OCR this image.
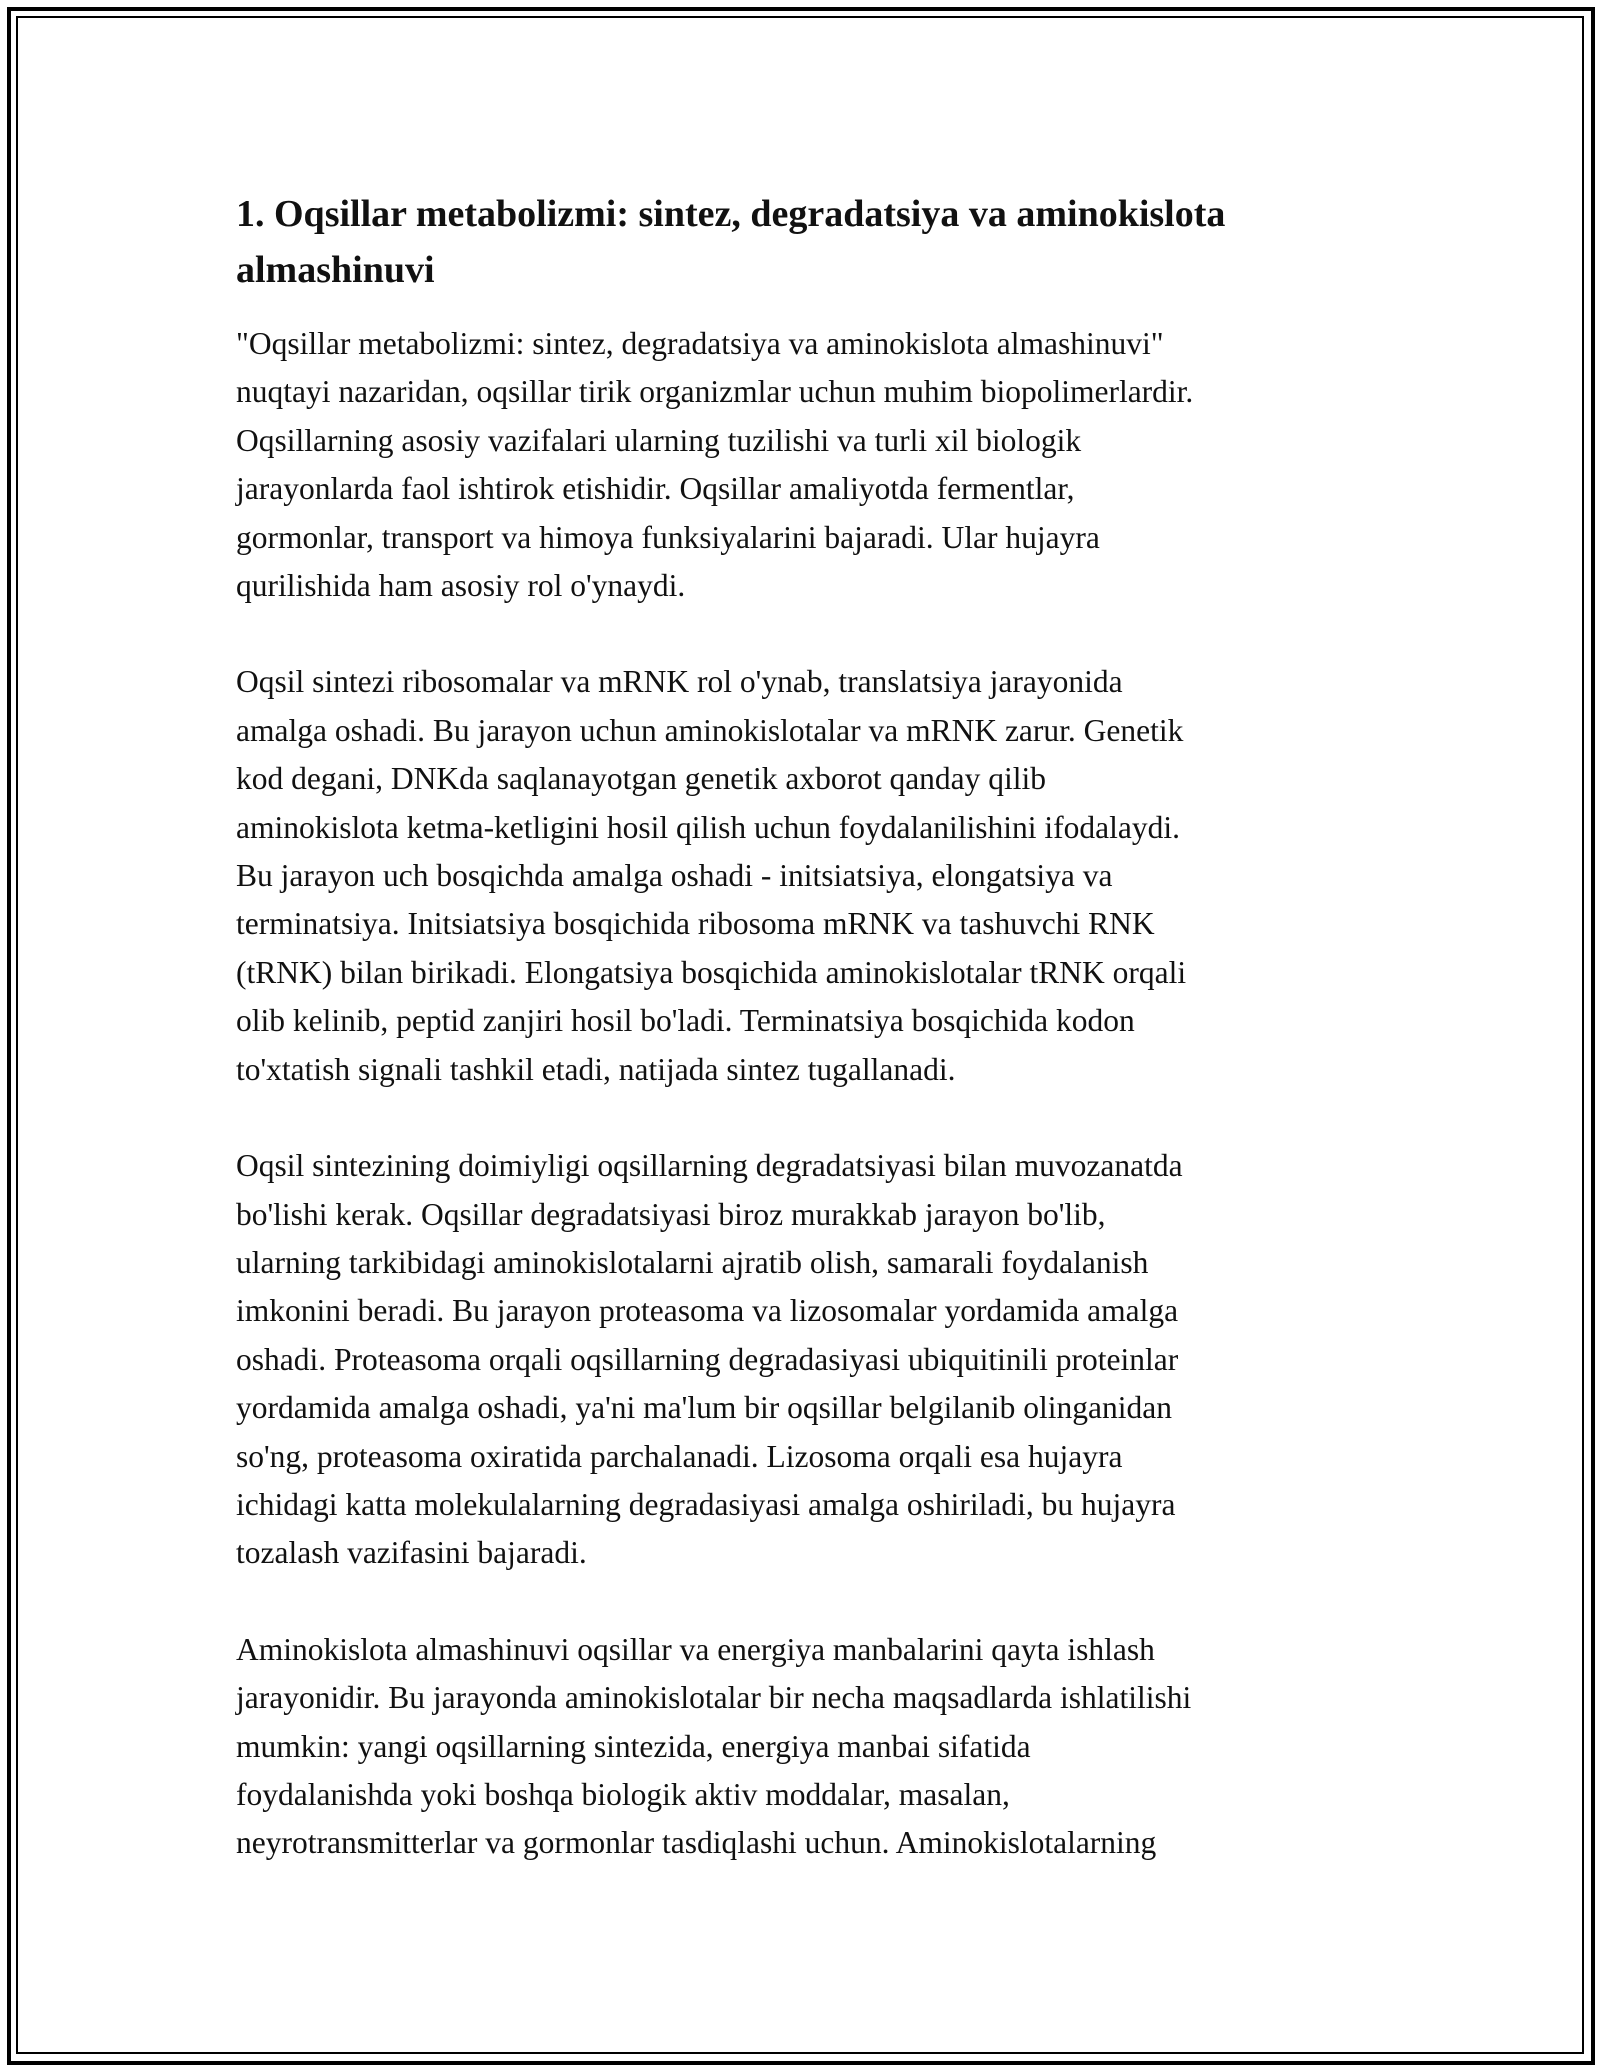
1. Oqsillar metabolizmi: sintez, degradatsiya va aminokislota
almashinuvi
"Oqsillar metabolizmi: sintez, degradatsiya va aminokislota almashinuvi"
nuqtayi nazaridan, oqsillar tirik organizmlar uchun muhim biopolimerlardir.
Oqsillarning asosiy vazifalari ularning tuzilishi va turli xil biologik
jarayonlarda faol ishtirok etishidir. Oqsillar amaliyotda fermentlar,
gormonlar, transport va himoya funksiyalarini bajaradi. Ular hujayra
qurilishida ham asosiy rol o'ynaydi.
Oqsil sintezi ribosomalar va mRNK rol o'ynab, translatsiya jarayonida
amalga oshadi. Bu jarayon uchun aminokislotalar va mRNK zarur. Genetik
kod degani, DNKda saqlanayotgan genetik axborot qanday qilib
aminokislota ketma-ketligini hosil qilish uchun foydalanilishini ifodalaydi.
Bu jarayon uch bosqichda amalga oshadi - initsiatsiya, elongatsiya va
terminatsiya. Initsiatsiya bosqichida ribosoma mRNK va tashuvchi RNK
(tRNK) bilan birikadi. Elongatsiya bosqichida aminokislotalar tRNK orqali
olib kelinib, peptid zanjiri hosil bo'ladi. Terminatsiya bosqichida kodon
to'xtatish signali tashkil etadi, natijada sintez tugallanadi.
Oqsil sintezining doimiyligi oqsillarning degradatsiyasi bilan muvozanatda
bo'lishi kerak. Oqsillar degradatsiyasi biroz murakkab jarayon bo'lib,
ularning tarkibidagi aminokislotalarni ajratib olish, samarali foydalanish
imkonini beradi. Bu jarayon proteasoma va lizosomalar yordamida amalga
oshadi. Proteasoma orqali oqsillarning degradasiyasi ubiquitinili proteinlar
yordamida amalga oshadi, ya'ni ma'lum bir oqsillar belgilanib olinganidan
so'ng, proteasoma oxiratida parchalanadi. Lizosoma orqali esa hujayra
ichidagi katta molekulalarning degradasiyasi amalga oshiriladi, bu hujayra
tozalash vazifasini bajaradi.
Aminokislota almashinuvi oqsillar va energiya manbalarini qayta ishlash
jarayonidir. Bu jarayonda aminokislotalar bir necha maqsadlarda ishlatilishi
mumkin: yangi oqsillarning sintezida, energiya manbai sifatida
foydalanishda yoki boshqa biologik aktiv moddalar, masalan,
neyrotransmitterlar va gormonlar tasdiqlashi uchun. Aminokislotalarning
